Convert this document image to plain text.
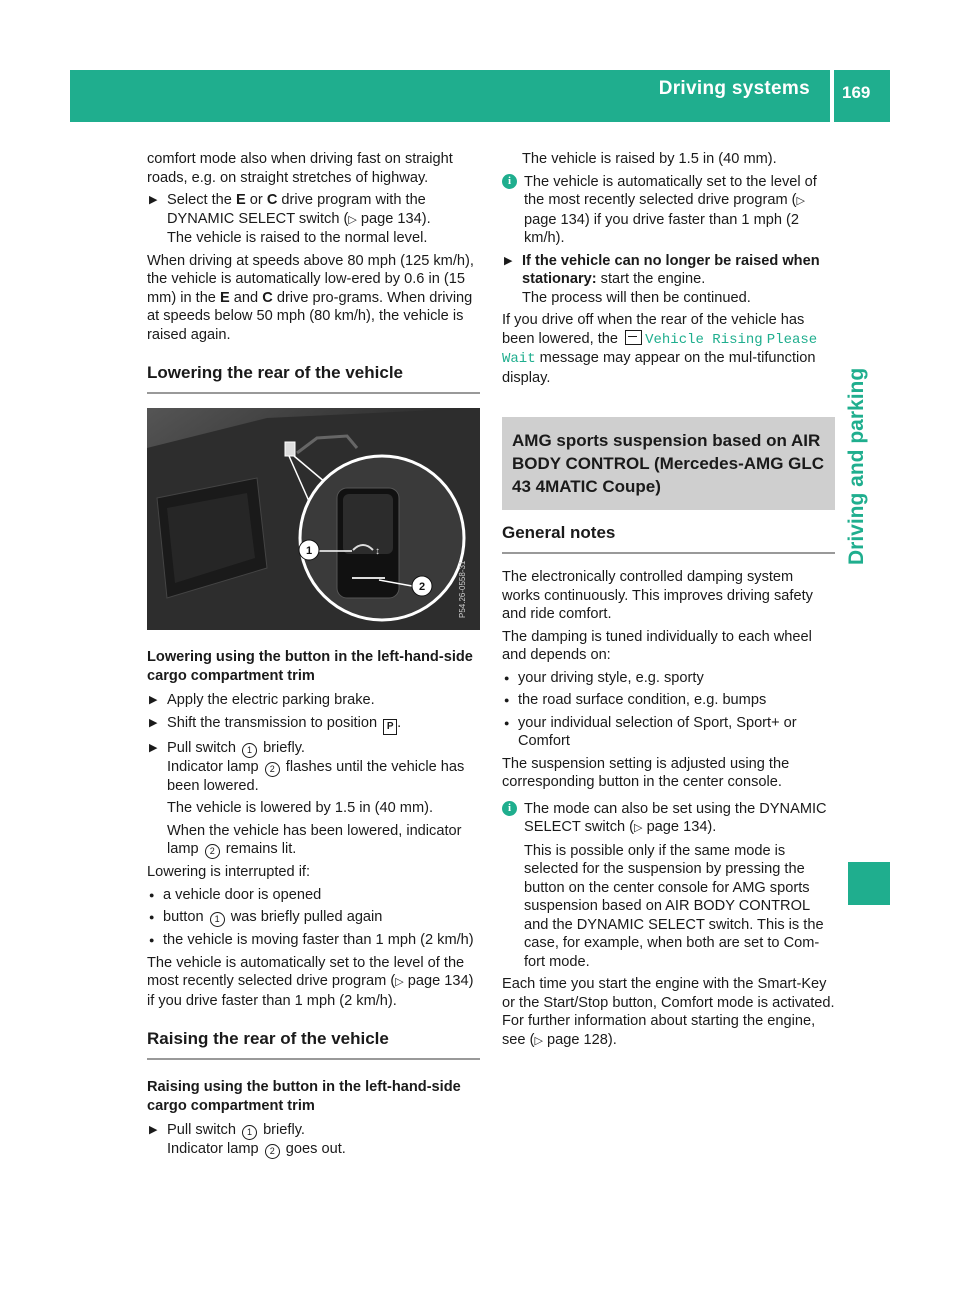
Driving systems 169
Driving and parking

comfort mode also when driving fast on straight roads, e.g. on straight stretches of highway.

▶ Select the E or C drive program with the DYNAMIC SELECT switch (▷ page 134).
The vehicle is raised to the normal level.

When driving at speeds above 80 mph (125 km/h), the vehicle is automatically low-ered by 0.6 in (15 mm) in the E and C drive pro-grams. When driving at speeds below 50 mph (80 km/h), the vehicle is raised again.

Lowering the rear of the vehicle
↕
1
2	P54.26-0558-31
Lowering using the button in the left-hand-side cargo compartment trim
▶ Apply the electric parking brake.
▶ Shift the transmission to position P .
▶ Pull switch 1 briefly.
Indicator lamp 2 flashes until the vehicle has been lowered.
The vehicle is lowered by 1.5 in (40 mm).
When the vehicle has been lowered, indicator lamp 2 remains lit.

Lowering is interrupted if:

● a vehicle door is opened
● button 1 was briefly pulled again
● the vehicle is moving faster than 1 mph (2 km/h)

The vehicle is automatically set to the level of the most recently selected drive program (▷ page 134) if you drive faster than 1 mph (2 km/h).

Raising the rear of the vehicle
Raising using the button in the left-hand-side cargo compartment trim
▶ Pull switch 1 briefly.
Indicator lamp 2 goes out.
The vehicle is raised by 1.5 in (40 mm).
i The vehicle is automatically set to the level of the most recently selected drive program (▷ page 134) if you drive faster than 1 mph (2 km/h).

▶ If the vehicle can no longer be raised when stationary: start the engine.
The process will then be continued.

If you drive off when the rear of the vehicle has been lowered, the Vehicle Rising Please Wait message may appear on the mul-tifunction display.

AMG sports suspension based on AIR BODY CONTROL (Mercedes-AMG GLC 43 4MATIC Coupe)
General notes

The electronically controlled damping system works continuously. This improves driving safety and ride comfort.

The damping is tuned individually to each wheel and depends on:

● your driving style, e.g. sporty
● the road surface condition, e.g. bumps
● your individual selection of Sport, Sport+ or Comfort

The suspension setting is adjusted using the corresponding button in the center console.

i The mode can also be set using the DYNAMIC SELECT switch (▷ page 134).

This is possible only if the same mode is selected for the suspension by pressing the button on the center console for AMG sports suspension based on AIR BODY CONTROL and the DYNAMIC SELECT switch. This is the case, for example, when both are set to Com-fort mode.

Each time you start the engine with the Smart-Key or the Start/Stop button, Comfort mode is activated. For further information about starting the engine, see (▷ page 128).
